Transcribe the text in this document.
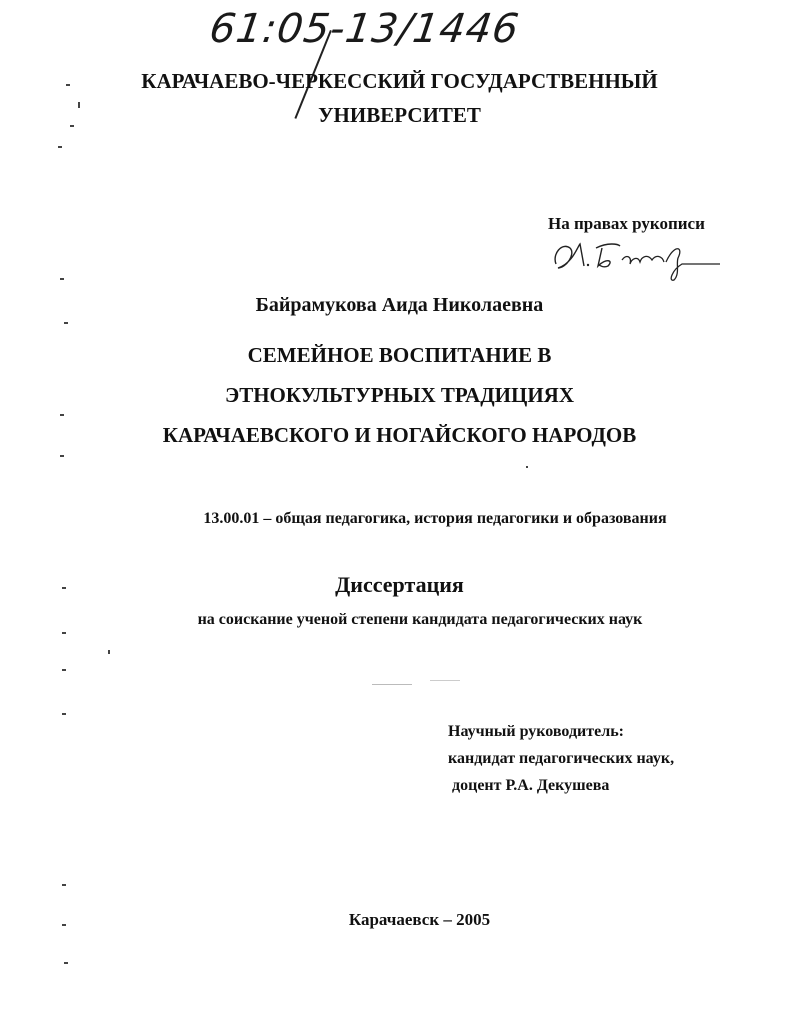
61:05-13/1446
КАРАЧАЕВО-ЧЕРКЕССКИЙ ГОСУДАРСТВЕННЫЙ
УНИВЕРСИТЕТ
На правах рукописи
Байрамукова Аида Николаевна
СЕМЕЙНОЕ ВОСПИТАНИЕ В
ЭТНОКУЛЬТУРНЫХ ТРАДИЦИЯХ
КАРАЧАЕВСКОГО И НОГАЙСКОГО НАРОДОВ
13.00.01 – общая педагогика, история педагогики и образования
Диссертация
на соискание ученой степени кандидата педагогических наук
Научный руководитель:
кандидат педагогических наук,
доцент Р.А. Декушева
Карачаевск – 2005
